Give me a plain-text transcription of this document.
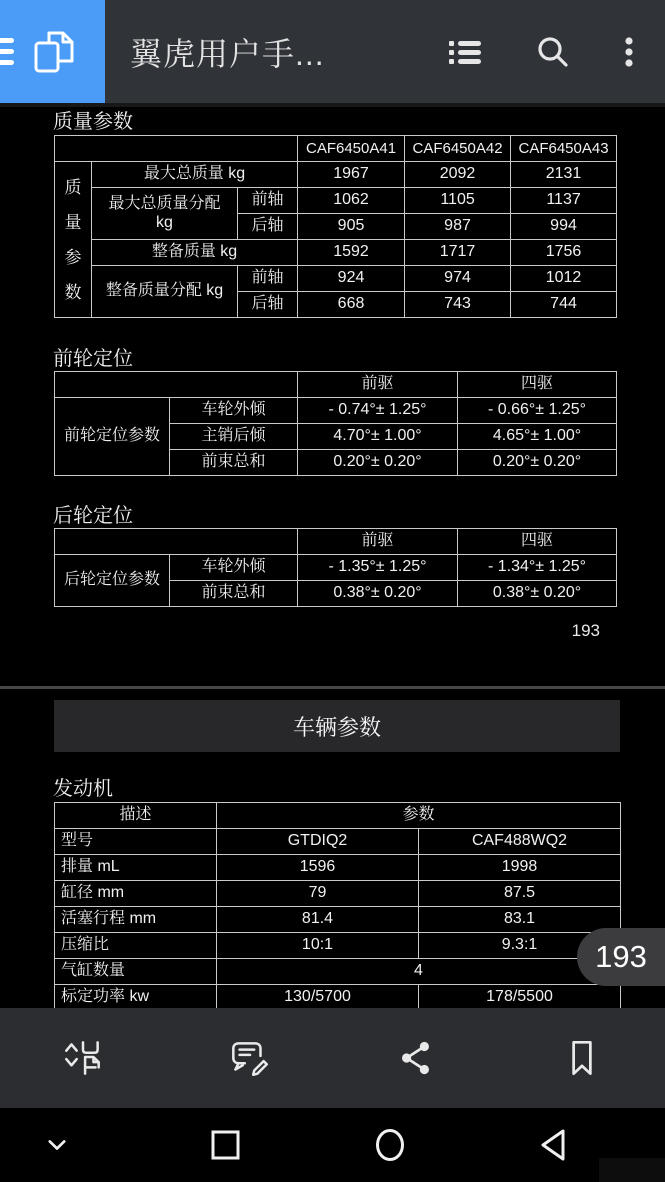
翼虎用户手...
质量参数
			CAF6450A41	CAF6450A42	CAF6450A43
质量参数	最大总质量 kg		1967	2092	2131
	最大总质量分配 kg	前轴	1062	1105	1137
		后轴	905	987	994
	整备质量 kg		1592	1717	1756
	整备质量分配 kg	前轴	924	974	1012
		后轴	668	743	744
前轮定位
		前驱	四驱
前轮定位参数	车轮外倾	- 0.74°± 1.25°	- 0.66°± 1.25°
	主销后倾	4.70°± 1.00°	4.65°± 1.00°
	前束总和	0.20°± 0.20°	0.20°± 0.20°
后轮定位
		前驱	四驱
后轮定位参数	车轮外倾	- 1.35°± 1.25°	- 1.34°± 1.25°
	前束总和	0.38°± 0.20°	0.38°± 0.20°
193
车辆参数
发动机
描述	参数	
型号	GTDIQ2	CAF488WQ2
排量 mL	1596	1998
缸径 mm	79	87.5
活塞行程 mm	81.4	83.1
压缩比	10:1	9.3:1
气缸数量	4	
标定功率 kw	130/5700	178/5500
193
